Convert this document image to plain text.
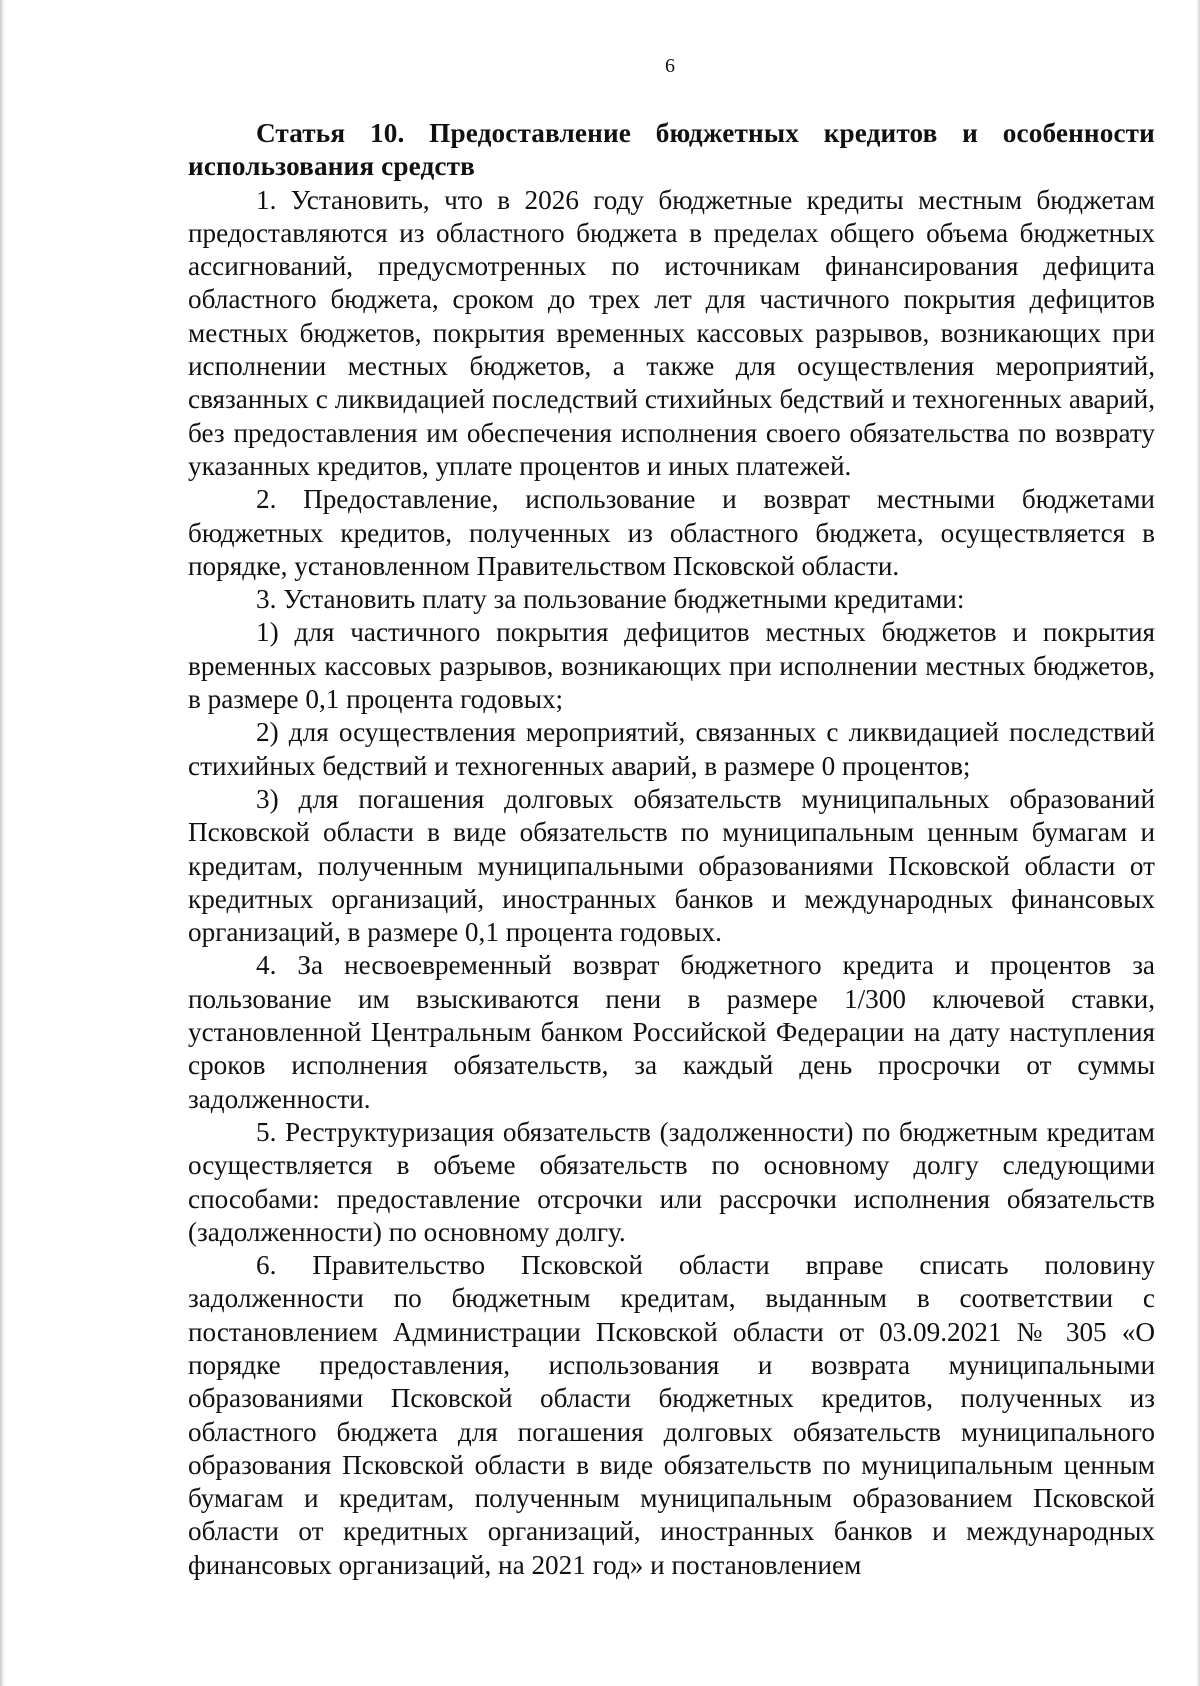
6

Статья 10. Предоставление бюджетных кредитов и особенности использования средств

1. Установить, что в 2026 году бюджетные кредиты местным бюджетам предоставляются из областного бюджета в пределах общего объема бюджетных ассигнований, предусмотренных по источникам финансирования дефицита областного бюджета, сроком до трех лет для частичного покрытия дефицитов местных бюджетов, покрытия временных кассовых разрывов, возникающих при исполнении местных бюджетов, а также для осуществления мероприятий, связанных с ликвидацией последствий стихийных бедствий и техногенных аварий, без предоставления им обеспечения исполнения своего обязательства по возврату указанных кредитов, уплате процентов и иных платежей.

2. Предоставление, использование и возврат местными бюджетами бюджетных кредитов, полученных из областного бюджета, осуществляется в порядке, установленном Правительством Псковской области.

3. Установить плату за пользование бюджетными кредитами:

1) для частичного покрытия дефицитов местных бюджетов и покрытия временных кассовых разрывов, возникающих при исполнении местных бюджетов, в размере 0,1 процента годовых;

2) для осуществления мероприятий, связанных с ликвидацией последствий стихийных бедствий и техногенных аварий, в размере 0 процентов;

3) для погашения долговых обязательств муниципальных образований Псковской области в виде обязательств по муниципальным ценным бумагам и кредитам, полученным муниципальными образованиями Псковской области от кредитных организаций, иностранных банков и международных финансовых организаций, в размере 0,1 процента годовых.

4. За несвоевременный возврат бюджетного кредита и процентов за пользование им взыскиваются пени в размере 1/300 ключевой ставки, установленной Центральным банком Российской Федерации на дату наступления сроков исполнения обязательств, за каждый день просрочки от суммы задолженности.

5. Реструктуризация обязательств (задолженности) по бюджетным кредитам осуществляется в объеме обязательств по основному долгу следующими способами: предоставление отсрочки или рассрочки исполнения обязательств (задолженности) по основному долгу.

6. Правительство Псковской области вправе списать половину задолженности по бюджетным кредитам, выданным в соответствии с постановлением Администрации Псковской области от 03.09.2021 № 305 «О порядке предоставления, использования и возврата муниципальными образованиями Псковской области бюджетных кредитов, полученных из областного бюджета для погашения долговых обязательств муниципального образования Псковской области в виде обязательств по муниципальным ценным бумагам и кредитам, полученным муниципальным образованием Псковской области от кредитных организаций, иностранных банков и международных финансовых организаций, на 2021 год» и постановлением
